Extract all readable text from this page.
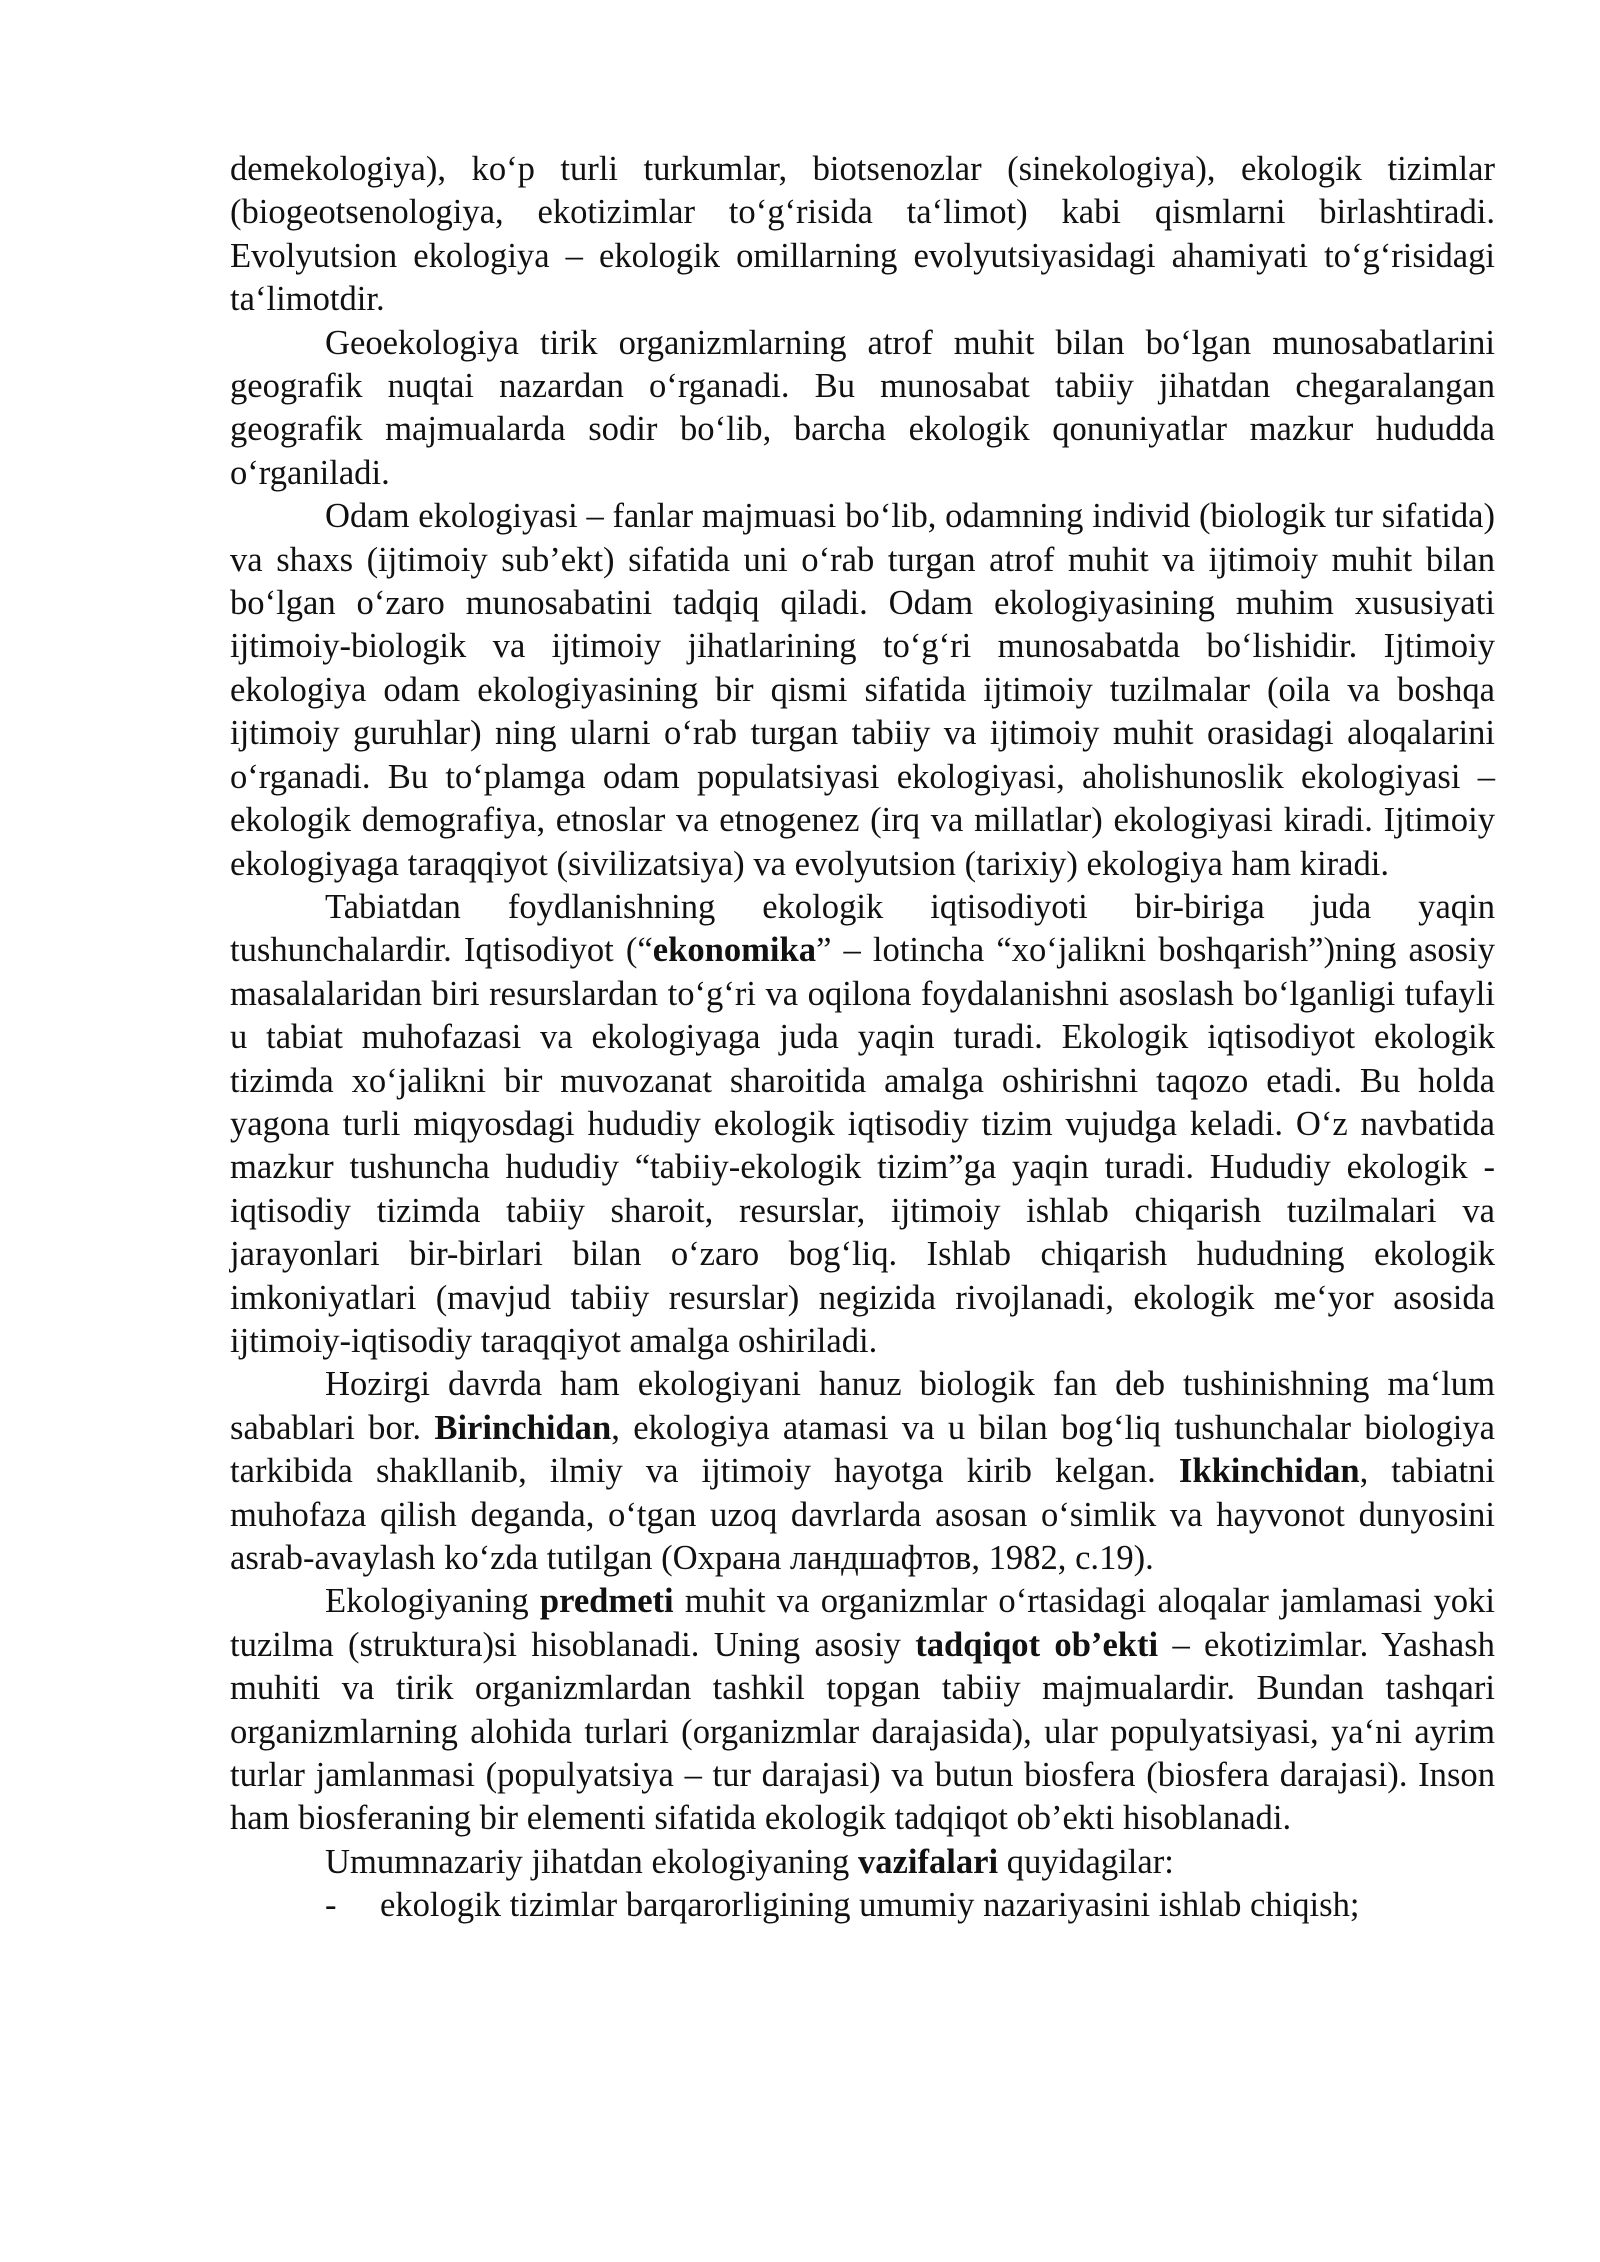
demekologiya), ko‘p turli turkumlar, biotsenozlar (sinekologiya), ekologik tizimlar (biogeotsenologiya, ekotizimlar to‘g‘risida ta‘limot) kabi qismlarni birlashtiradi. Evolyutsion ekologiya – ekologik omillarning evolyutsiyasidagi ahamiyati to‘g‘risidagi ta‘limotdir.

Geoekologiya tirik organizmlarning atrof muhit bilan bo‘lgan munosabatlarini geografik nuqtai nazardan o‘rganadi. Bu munosabat tabiiy jihatdan chegaralangan geografik majmualarda sodir bo‘lib, barcha ekologik qonuniyatlar mazkur hududda o‘rganiladi.

Odam ekologiyasi – fanlar majmuasi bo‘lib, odamning individ (biologik tur sifatida) va shaxs (ijtimoiy sub’ekt) sifatida uni o‘rab turgan atrof muhit va ijtimoiy muhit bilan bo‘lgan o‘zaro munosabatini tadqiq qiladi. Odam ekologiyasining muhim xususiyati ijtimoiy-biologik va ijtimoiy jihatlarining to‘g‘ri munosabatda bo‘lishidir. Ijtimoiy ekologiya odam ekologiyasining bir qismi sifatida ijtimoiy tuzilmalar (oila va boshqa ijtimoiy guruhlar) ning ularni o‘rab turgan tabiiy va ijtimoiy muhit orasidagi aloqalarini o‘rganadi. Bu to‘plamga odam populatsiyasi ekologiyasi, aholishunoslik ekologiyasi – ekologik demografiya, etnoslar va etnogenez (irq va millatlar) ekologiyasi kiradi. Ijtimoiy ekologiyaga taraqqiyot (sivilizatsiya) va evolyutsion (tarixiy) ekologiya ham kiradi.

Tabiatdan foydlanishning ekologik iqtisodiyoti bir-biriga juda yaqin tushunchalardir. Iqtisodiyot (“ekonomika” – lotincha “xo‘jalikni boshqarish”)ning asosiy masalalaridan biri resurslardan to‘g‘ri va oqilona foydalanishni asoslash bo‘lganligi tufayli u tabiat muhofazasi va ekologiyaga juda yaqin turadi. Ekologik iqtisodiyot ekologik tizimda xo‘jalikni bir muvozanat sharoitida amalga oshirishni taqozo etadi. Bu holda yagona turli miqyosdagi hududiy ekologik iqtisodiy tizim vujudga keladi. O‘z navbatida mazkur tushuncha hududiy “tabiiy-ekologik tizim”ga yaqin turadi. Hududiy ekologik - iqtisodiy tizimda tabiiy sharoit, resurslar, ijtimoiy ishlab chiqarish tuzilmalari va jarayonlari bir-birlari bilan o‘zaro bog‘liq. Ishlab chiqarish hududning ekologik imkoniyatlari (mavjud tabiiy resurslar) negizida rivojlanadi, ekologik me‘yor asosida ijtimoiy-iqtisodiy taraqqiyot amalga oshiriladi.

Hozirgi davrda ham ekologiyani hanuz biologik fan deb tushinishning ma‘lum sabablari bor. Birinchidan, ekologiya atamasi va u bilan bog‘liq tushunchalar biologiya tarkibida shakllanib, ilmiy va ijtimoiy hayotga kirib kelgan. Ikkinchidan, tabiatni muhofaza qilish deganda, o‘tgan uzoq davrlarda asosan o‘simlik va hayvonot dunyosini asrab-avaylash ko‘zda tutilgan (Охрана ландшафтов, 1982, c.19).

Ekologiyaning predmeti muhit va organizmlar o‘rtasidagi aloqalar jamlamasi yoki tuzilma (struktura)si hisoblanadi. Uning asosiy tadqiqot ob’ekti – ekotizimlar. Yashash muhiti va tirik organizmlardan tashkil topgan tabiiy majmualardir. Bundan tashqari organizmlarning alohida turlari (organizmlar darajasida), ular populyatsiyasi, ya‘ni ayrim turlar jamlanmasi (populyatsiya – tur darajasi) va butun biosfera (biosfera darajasi). Inson ham biosferaning bir elementi sifatida ekologik tadqiqot ob’ekti hisoblanadi.

Umumnazariy jihatdan ekologiyaning vazifalari quyidagilar:

-	ekologik tizimlar barqarorligining umumiy nazariyasini ishlab chiqish;
